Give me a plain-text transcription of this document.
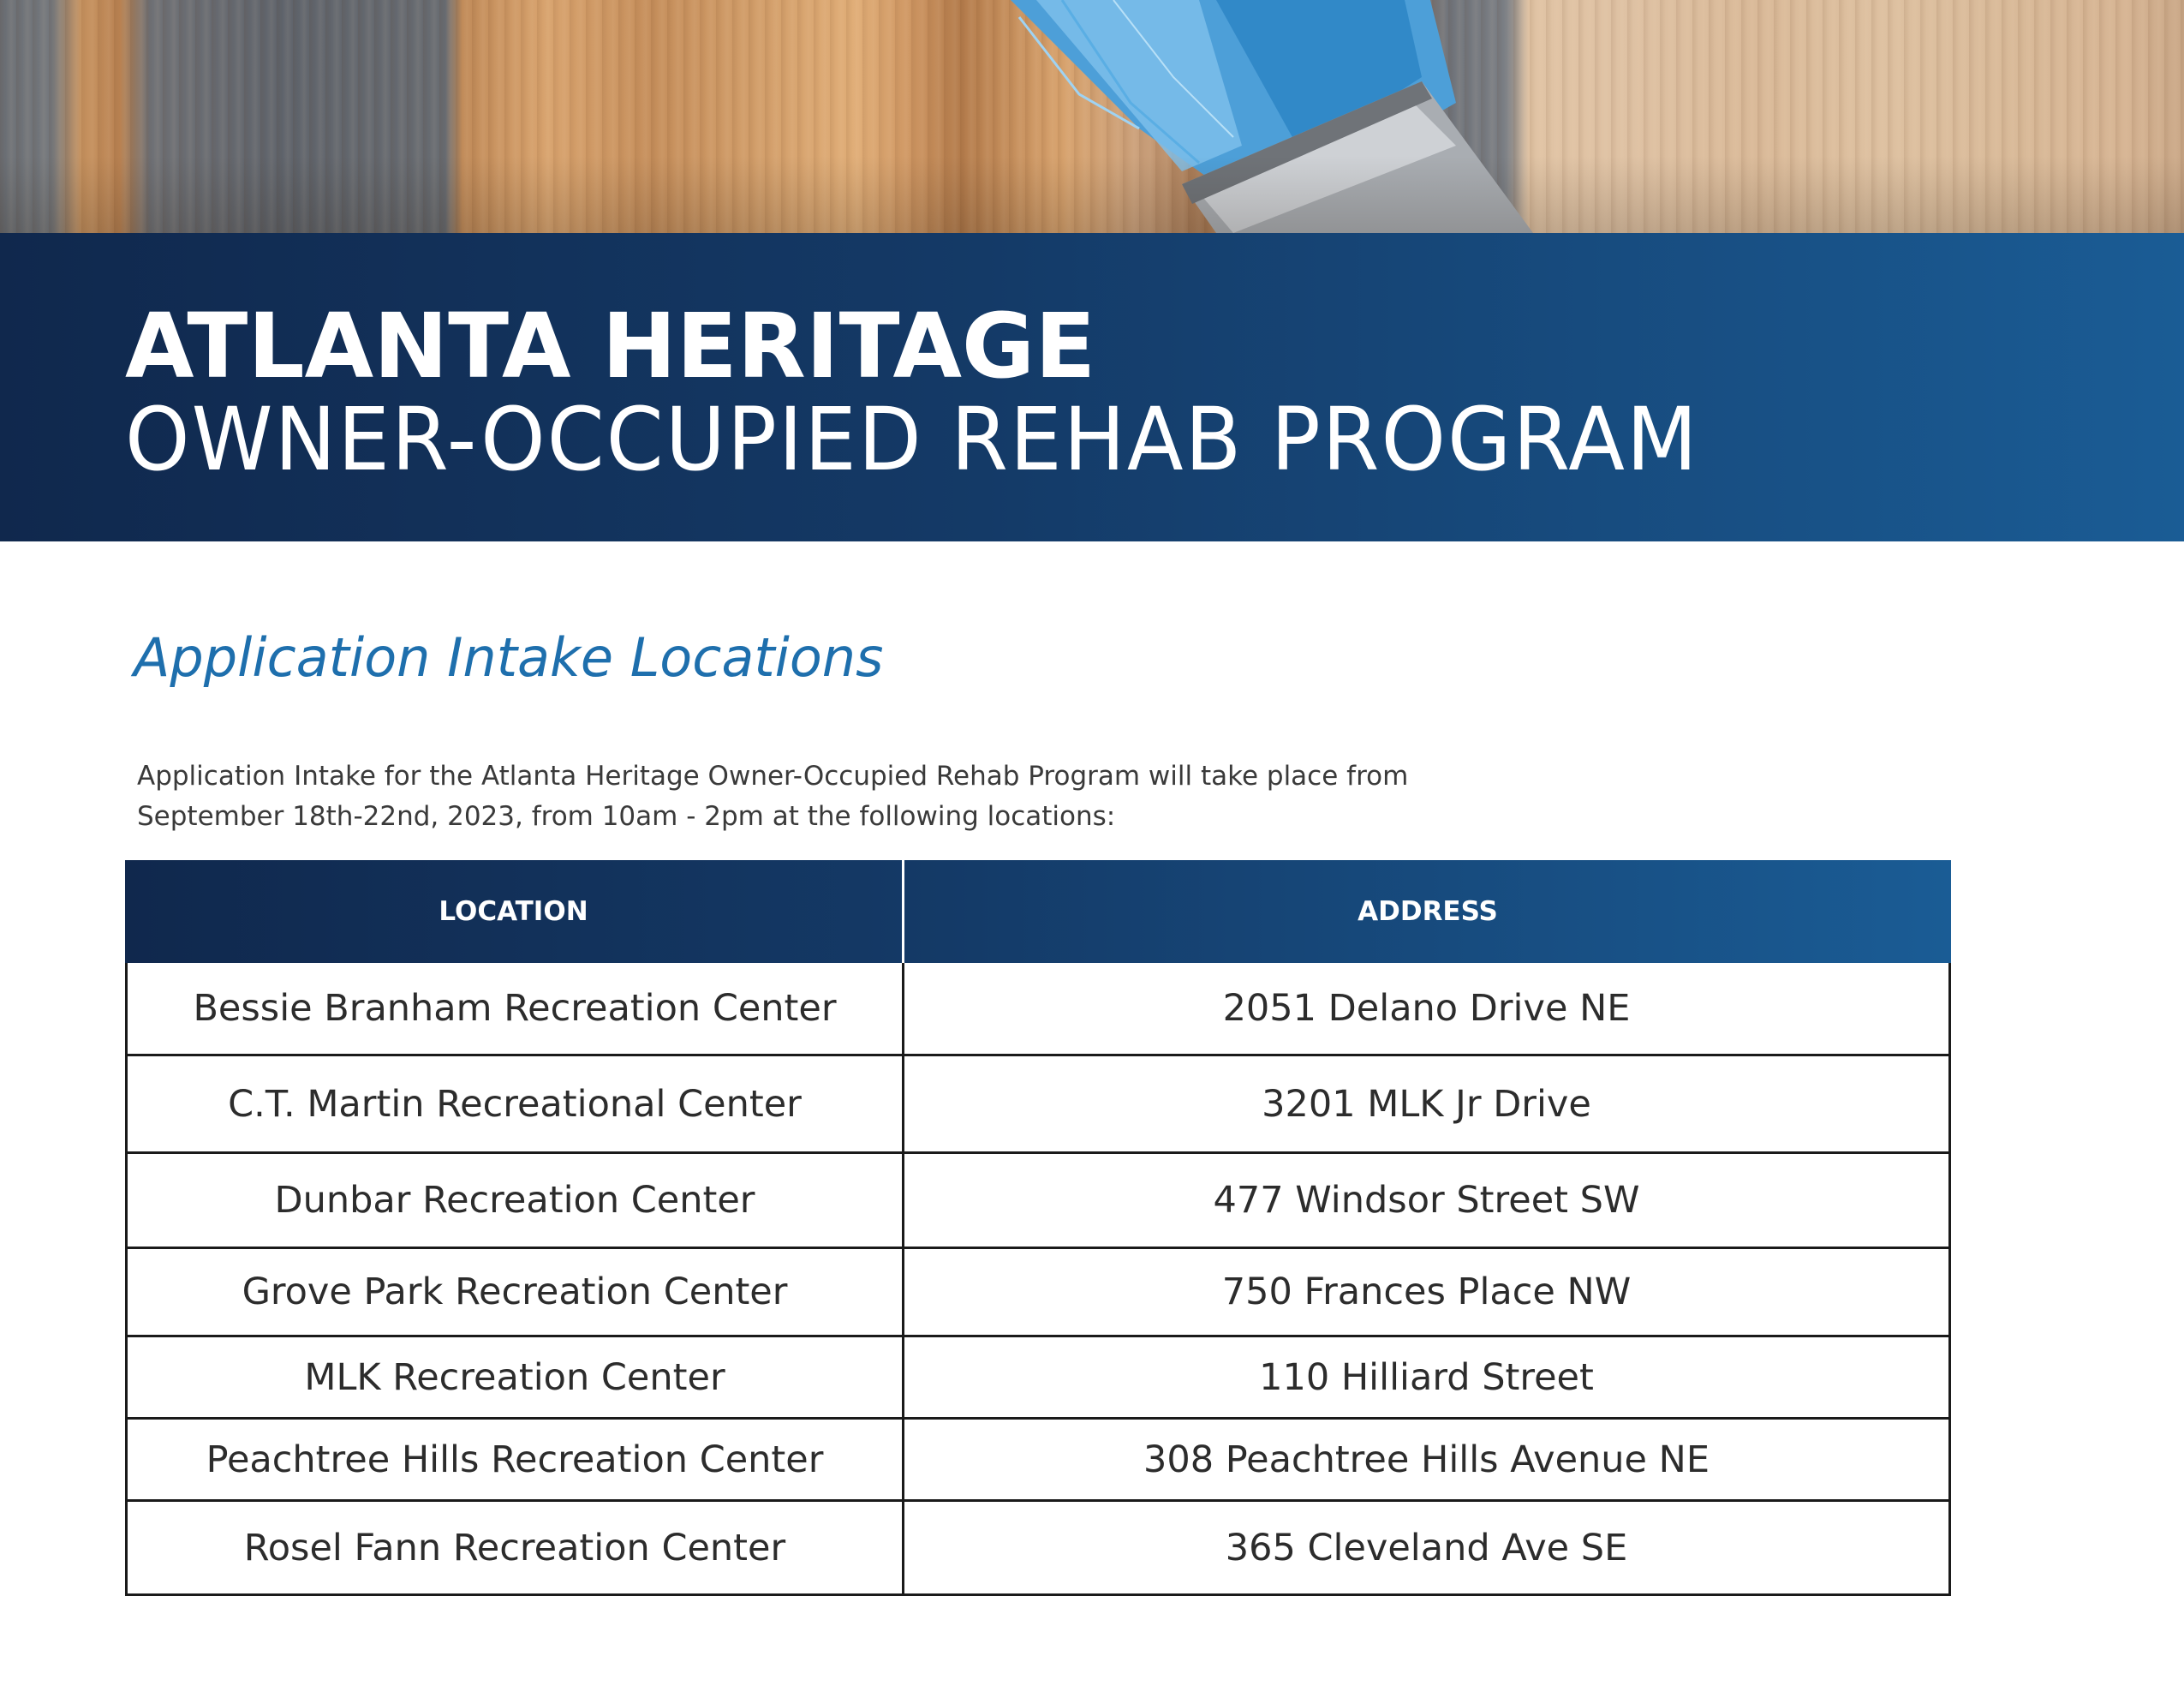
ATLANTA HERITAGE
OWNER-OCCUPIED REHAB PROGRAM
Application Intake Locations

Application Intake for the Atlanta Heritage Owner-Occupied Rehab Program will take place from
September 18th-22nd, 2023, from 10am - 2pm at the following locations:

LOCATION	ADDRESS
Bessie Branham Recreation Center	2051 Delano Drive NE
C.T. Martin Recreational Center	3201 MLK Jr Drive
Dunbar Recreation Center	477 Windsor Street SW
Grove Park Recreation Center	750 Frances Place NW
MLK Recreation Center	110 Hilliard Street
Peachtree Hills Recreation Center	308 Peachtree Hills Avenue NE
Rosel Fann Recreation Center	365 Cleveland Ave SE
